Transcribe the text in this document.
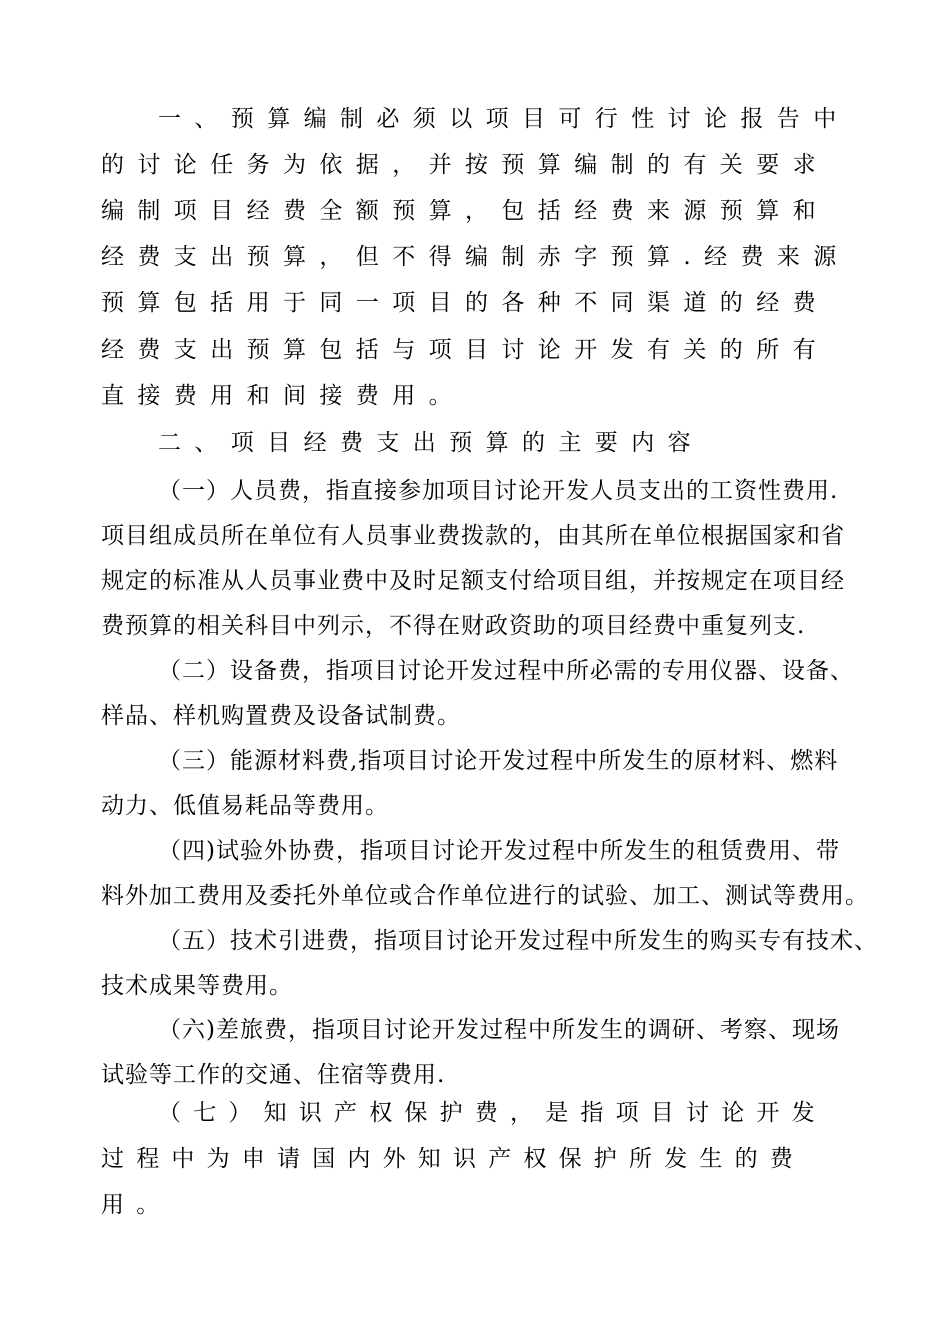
一、预算编制必须以项目可行性讨论报告中
的讨论任务为依据，并按预算编制的有关要求
编制项目经费全额预算，包括经费来源预算和
经费支出预算，但不得编制赤字预算.经费来源
预算包括用于同一项目的各种不同渠道的经费
经费支出预算包括与项目讨论开发有关的所有
直接费用和间接费用。
二、项目经费支出预算的主要内容
（一）人员费，指直接参加项目讨论开发人员支出的工资性费用.
项目组成员所在单位有人员事业费拨款的，由其所在单位根据国家和省
规定的标准从人员事业费中及时足额支付给项目组，并按规定在项目经
费预算的相关科目中列示，不得在财政资助的项目经费中重复列支.
（二）设备费，指项目讨论开发过程中所必需的专用仪器、设备、
样品、样机购置费及设备试制费。
（三）能源材料费,指项目讨论开发过程中所发生的原材料、燃料
动力、低值易耗品等费用。
（四)试验外协费，指项目讨论开发过程中所发生的租赁费用、带
料外加工费用及委托外单位或合作单位进行的试验、加工、测试等费用。
（五）技术引进费，指项目讨论开发过程中所发生的购买专有技术、
技术成果等费用。
（六)差旅费，指项目讨论开发过程中所发生的调研、考察、现场
试验等工作的交通、住宿等费用.
（七）知识产权保护费，是指项目讨论开发
过程中为申请国内外知识产权保护所发生的费
用。
